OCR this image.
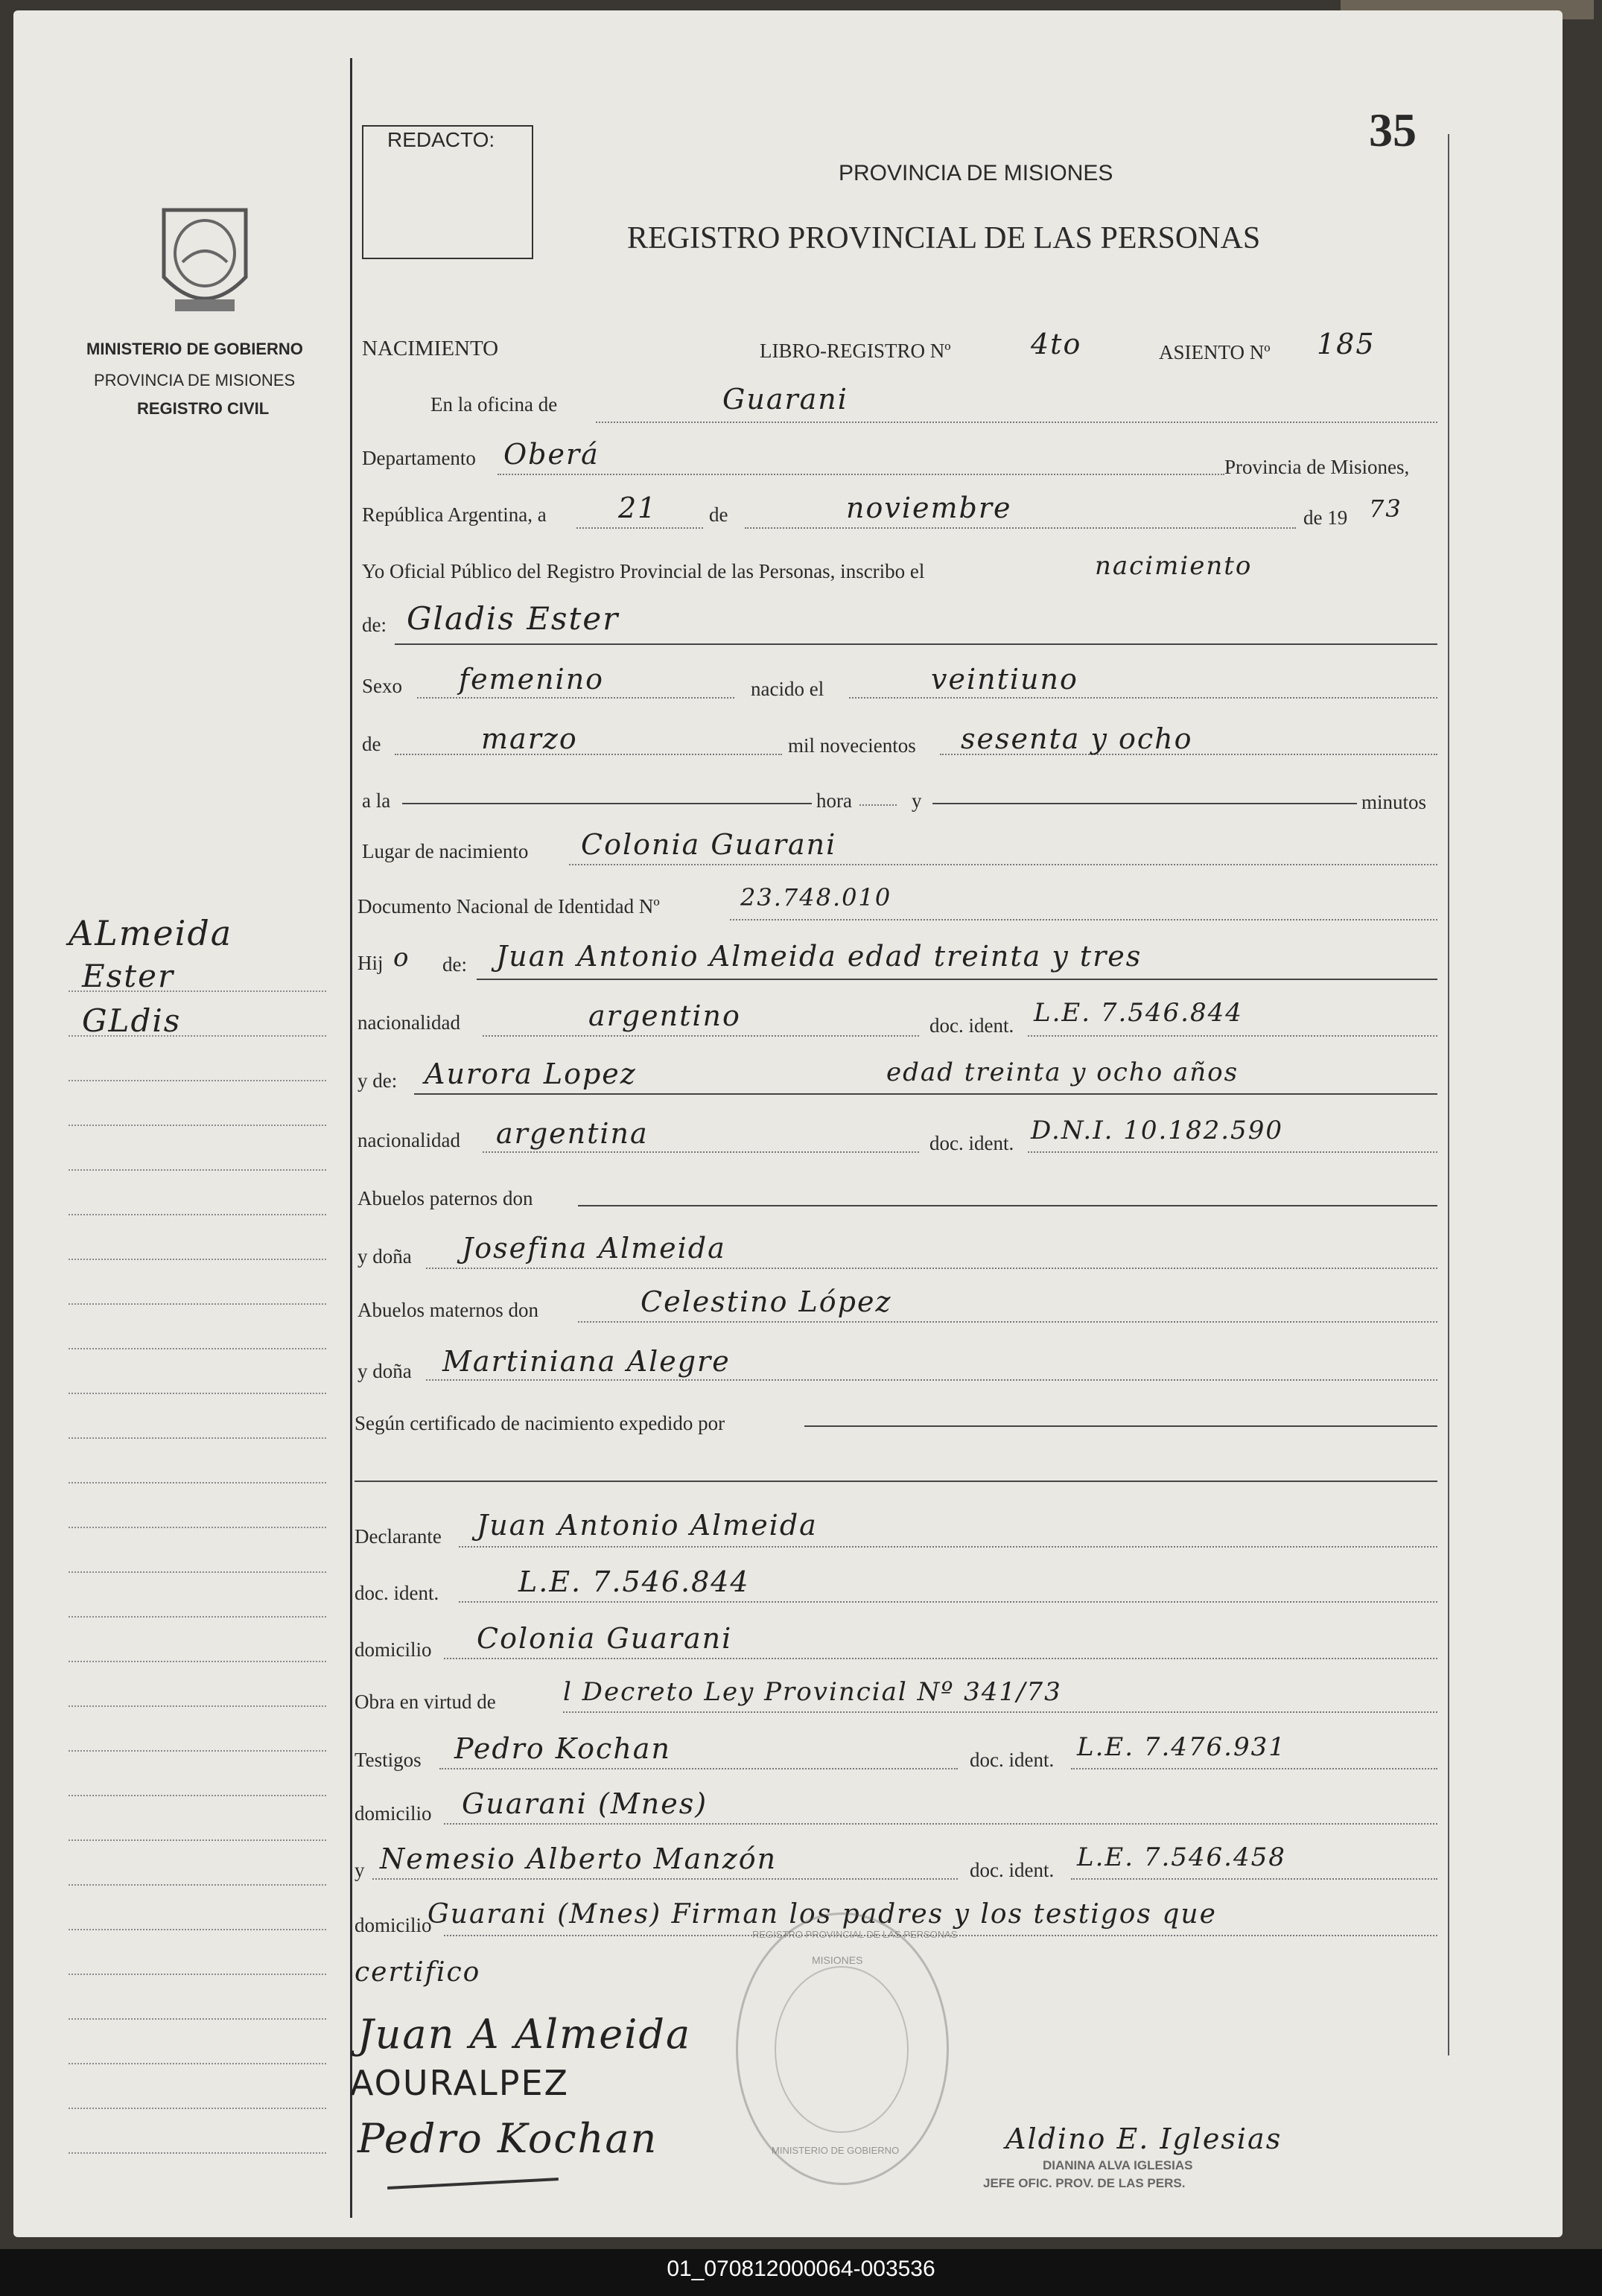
35
REDACTO:
PROVINCIA DE MISIONES
REGISTRO PROVINCIAL DE LAS PERSONAS
MINISTERIO DE GOBIERNO
PROVINCIA DE MISIONES
REGISTRO CIVIL
ALmeida
Ester
GLdis
NACIMIENTO	LIBRO-REGISTRO Nº	4to	ASIENTO Nº 185
En la oficina de	Guarani
Departamento Oberá	Provincia de Misiones,
República Argentina, a	21	de	noviembre	de 19 73
Yo Oficial Público del Registro Provincial de las Personas, inscribo el	nacimiento
de: Gladis Ester
Sexo femenino	nacido el	veintiuno
de	marzo	mil novecientos sesenta y ocho
a la	hora	y	minutos
Lugar de nacimiento Colonia Guarani
Documento Nacional de Identidad Nº	23.748.010
Hij o de: Juan Antonio Almeida edad treinta y tres
nacionalidad	argentino	doc. ident. L.E. 7.546.844
y de: Aurora Lopez	edad treinta y ocho años
nacionalidad argentina	doc. ident. D.N.I. 10.182.590
Abuelos paternos don
y doña Josefina Almeida
Abuelos maternos don	Celestino López
y doña Martiniana Alegre
Según certificado de nacimiento expedido por
Declarante Juan Antonio Almeida
doc. ident.	L.E. 7.546.844
domicilio Colonia Guarani
Obra en virtud de	l Decreto Ley Provincial Nº 341/73
Testigos Pedro Kochan	doc. ident. L.E. 7.476.931
domicilio Guarani (Mnes)
y Nemesio Alberto Manzón	doc. ident. L.E. 7.546.458
domicilio
Guarani (Mnes) Firman los padres y los testigos que
certifico
REGISTRO PROVINCIAL DE LAS PERSONAS
MISIONES
MINISTERIO DE GOBIERNO
Juan A Almeida
AOURALPEZ
Pedro Kochan	Aldino E. Iglesias
DIANINA ALVA IGLESIAS
JEFE OFIC. PROV. DE LAS PERS.
01_070812000064-003536
